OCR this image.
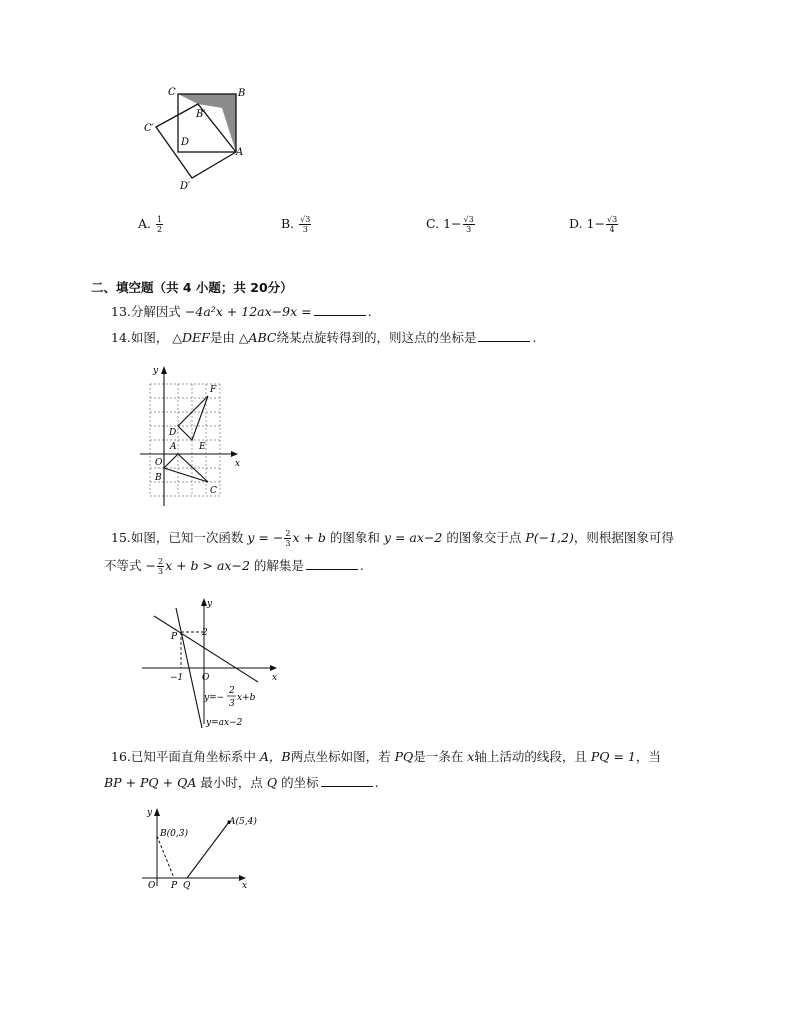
C	B
C′
B′
D
A
D′
A. $\frac{1}{2}$	B. $\frac{√3}{3}$	C. $1- \frac{√3}{3}$	D. $1- \frac{√3}{4}$
二、填空题（共 4 小题；共 20分）
13.分解因式 −4a²x + 12ax−9x =	.
14.如图， △DEF是由 △ABC绕某点旋转得到的，则这点的坐标是	.
y
x
O
A
B
C
D
E
F
15.如图，已知一次函数 y = − $\frac{2}{3}$ x + b 的图象和 y = ax−2 的图象交于点 P(−1,2)，则根据图象可得
不等式 − $\frac{2}{3}$ x + b > ax−2 的解集是	.
y
x
O
P	2
−1
y=−
2
3
x+b
y=ax−2
16.已知平面直角坐标系中 A，B两点坐标如图，若 PQ是一条在 x轴上活动的线段，且 PQ = 1，当
BP + PQ + QA 最小时，点 Q 的坐标	.
y
x
O P Q
B(0,3)
A(5,4)
